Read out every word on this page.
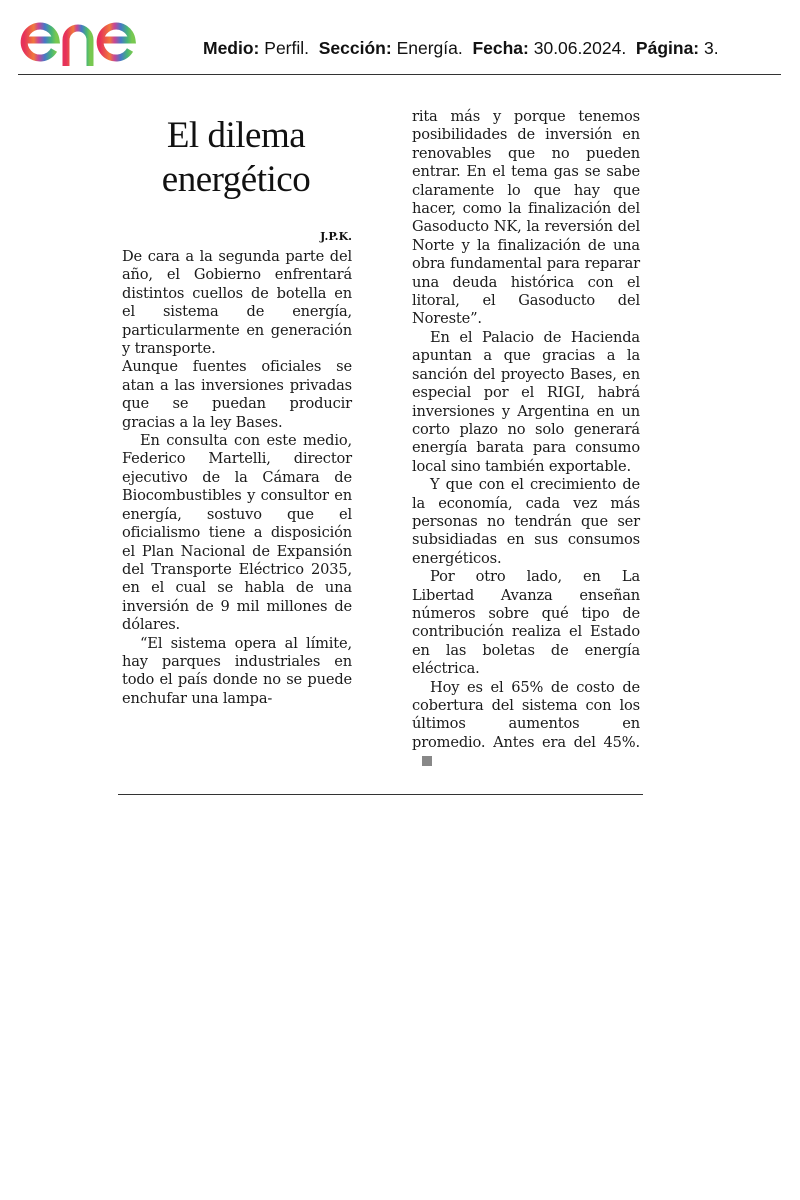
Medio: Perfil. Sección: Energía. Fecha: 30.06.2024. Página: 3.
El dilema
energético
J.P.K.

De cara a la segunda parte del año, el Gobierno enfrentará distintos cuellos de botella en el sistema de energía, particularmente en generación y transporte.

Aunque fuentes oficiales se atan a las inversiones privadas que se puedan producir gracias a la ley Bases.

En consulta con este medio, Federico Martelli, director ejecutivo de la Cámara de Biocombustibles y consultor en energía, sostuvo que el oficialismo tiene a disposición el Plan Nacional de Expansión del Transporte Eléctrico 2035, en el cual se habla de una inversión de 9 mil millones de dólares.

“El sistema opera al límite, hay parques industriales en todo el país donde no se puede enchufar una lampa-

rita más y porque tenemos posibilidades de inversión en renovables que no pueden entrar. En el tema gas se sabe claramente lo que hay que hacer, como la finalización del Gasoducto NK, la reversión del Norte y la finalización de una obra fundamental para reparar una deuda histórica con el litoral, el Gasoducto del Noreste”.

En el Palacio de Hacienda apuntan a que gracias a la sanción del proyecto Bases, en especial por el RIGI, habrá inversiones y Argentina en un corto plazo no solo generará energía barata para consumo local sino también exportable.

Y que con el crecimiento de la economía, cada vez más personas no tendrán que ser subsidiadas en sus consumos energéticos.

Por otro lado, en La Libertad Avanza enseñan números sobre qué tipo de contribución realiza el Estado en las boletas de energía eléctrica.

Hoy es el 65% de costo de cobertura del sistema con los últimos aumentos en promedio. Antes era del 45%.
